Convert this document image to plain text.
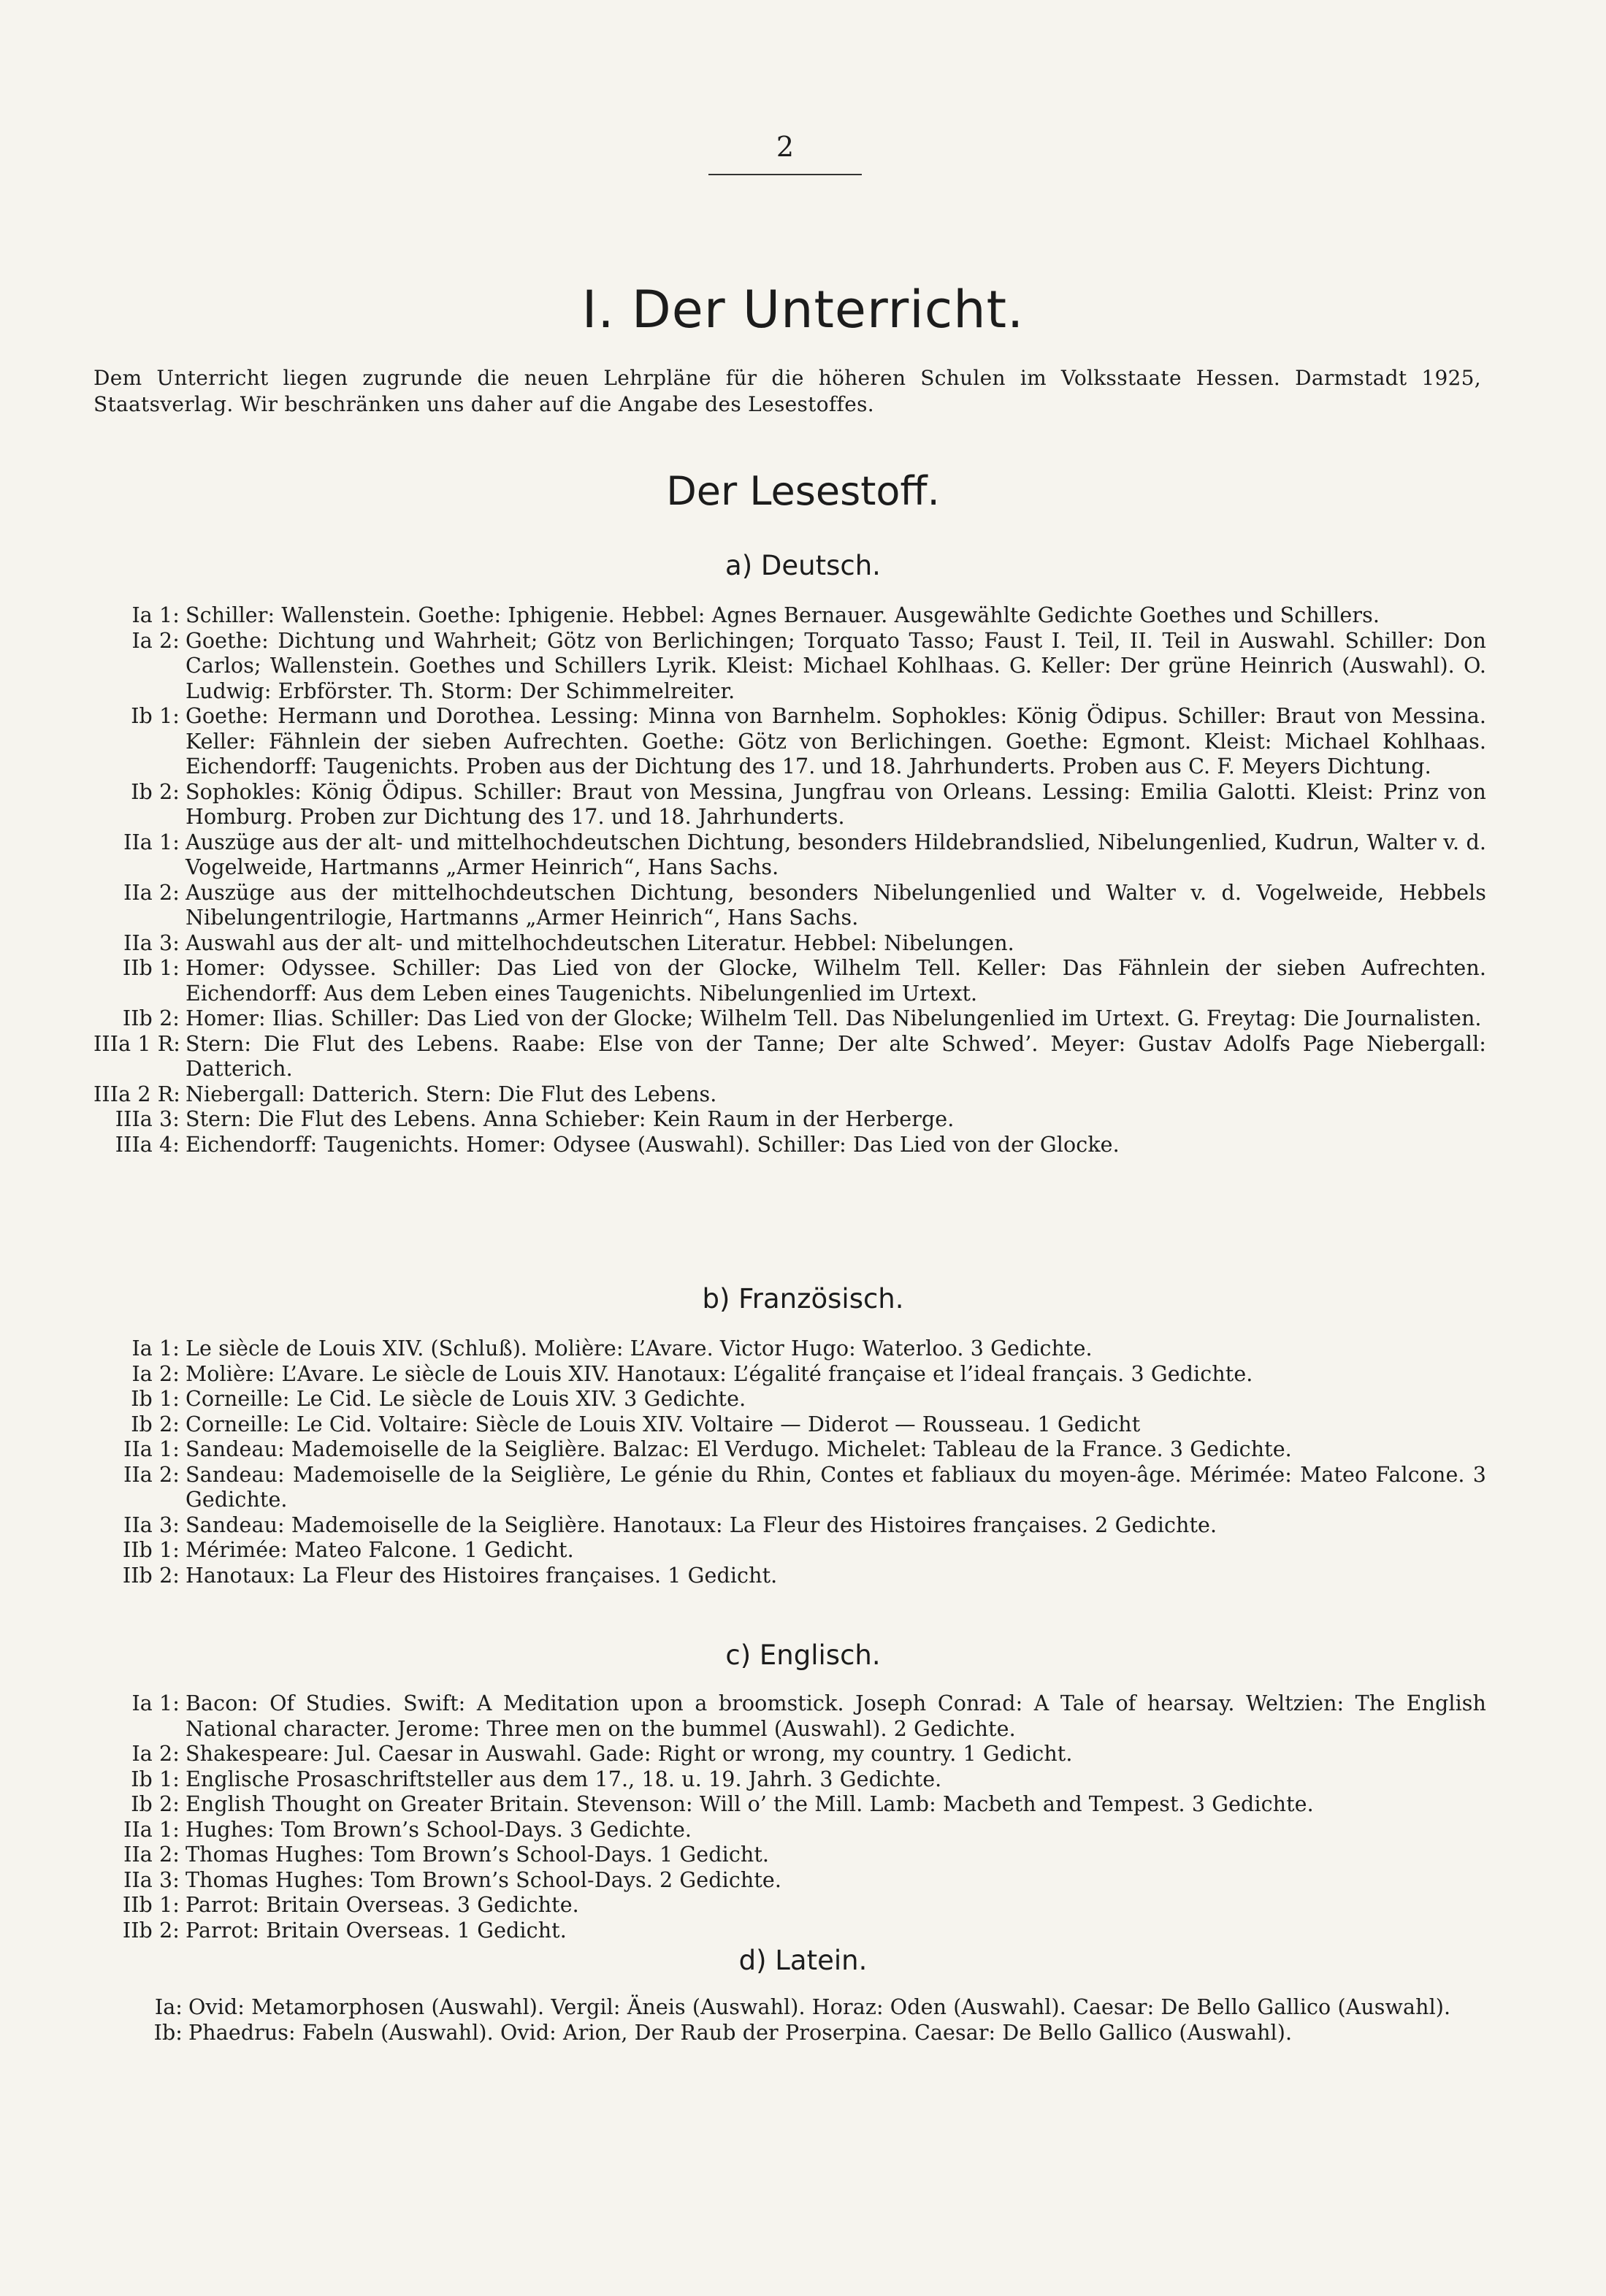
2
I. Der Unterricht.
Dem Unterricht liegen zugrunde die neuen Lehrpläne für die höheren Schulen im Volksstaate Hessen. Darmstadt 1925, Staatsverlag. Wir beschränken uns daher auf die Angabe des Lesestoffes.
Der Lesestoff.
a) Deutsch.
Ia 1: Schiller: Wallenstein. Goethe: Iphigenie. Hebbel: Agnes Bernauer. Ausgewählte Gedichte Goethes und Schillers.
Ia 2: Goethe: Dichtung und Wahrheit; Götz von Berlichingen; Torquato Tasso; Faust I. Teil, II. Teil in Auswahl. Schiller: Don Carlos; Wallenstein. Goethes und Schillers Lyrik. Kleist: Michael Kohlhaas. G. Keller: Der grüne Heinrich (Auswahl). O. Ludwig: Erbförster. Th. Storm: Der Schimmelreiter.
Ib 1: Goethe: Hermann und Dorothea. Lessing: Minna von Barnhelm. Sophokles: König Ödipus. Schiller: Braut von Messina. Keller: Fähnlein der sieben Aufrechten. Goethe: Götz von Berlichingen. Goethe: Egmont. Kleist: Michael Kohlhaas. Eichendorff: Taugenichts. Proben aus der Dichtung des 17. und 18. Jahrhunderts. Proben aus C. F. Meyers Dichtung.
Ib 2: Sophokles: König Ödipus. Schiller: Braut von Messina, Jungfrau von Orleans. Lessing: Emilia Galotti. Kleist: Prinz von Homburg. Proben zur Dichtung des 17. und 18. Jahrhunderts.
IIa 1: Auszüge aus der alt- und mittelhochdeutschen Dichtung, besonders Hildebrandslied, Nibelungenlied, Kudrun, Walter v. d. Vogelweide, Hartmanns „Armer Heinrich“, Hans Sachs.
IIa 2: Auszüge aus der mittelhochdeutschen Dichtung, besonders Nibelungenlied und Walter v. d. Vogelweide, Hebbels Nibelungentrilogie, Hartmanns „Armer Heinrich“, Hans Sachs.
IIa 3: Auswahl aus der alt- und mittelhochdeutschen Literatur. Hebbel: Nibelungen.
IIb 1: Homer: Odyssee. Schiller: Das Lied von der Glocke, Wilhelm Tell. Keller: Das Fähnlein der sieben Aufrechten. Eichendorff: Aus dem Leben eines Taugenichts. Nibelungenlied im Urtext.
IIb 2: Homer: Ilias. Schiller: Das Lied von der Glocke; Wilhelm Tell. Das Nibelungenlied im Urtext. G. Freytag: Die Journalisten.
IIIa 1 R: Stern: Die Flut des Lebens. Raabe: Else von der Tanne; Der alte Schwed’. Meyer: Gustav Adolfs Page Niebergall: Datterich.
IIIa 2 R: Niebergall: Datterich. Stern: Die Flut des Lebens.
IIIa 3: Stern: Die Flut des Lebens. Anna Schieber: Kein Raum in der Herberge.
IIIa 4: Eichendorff: Taugenichts. Homer: Odysee (Auswahl). Schiller: Das Lied von der Glocke.
b) Französisch.
Ia 1: Le siècle de Louis XIV. (Schluß). Molière: L’Avare. Victor Hugo: Waterloo. 3 Gedichte.
Ia 2: Molière: L’Avare. Le siècle de Louis XIV. Hanotaux: L’égalité française et l’ideal français. 3 Gedichte.
Ib 1: Corneille: Le Cid. Le siècle de Louis XIV. 3 Gedichte.
Ib 2: Corneille: Le Cid. Voltaire: Siècle de Louis XIV. Voltaire — Diderot — Rousseau. 1 Gedicht
IIa 1: Sandeau: Mademoiselle de la Seiglière. Balzac: El Verdugo. Michelet: Tableau de la France. 3 Gedichte.
IIa 2: Sandeau: Mademoiselle de la Seiglière, Le génie du Rhin, Contes et fabliaux du moyen-âge. Mérimée: Mateo Falcone. 3 Gedichte.
IIa 3: Sandeau: Mademoiselle de la Seiglière. Hanotaux: La Fleur des Histoires françaises. 2 Gedichte.
IIb 1: Mérimée: Mateo Falcone. 1 Gedicht.
IIb 2: Hanotaux: La Fleur des Histoires françaises. 1 Gedicht.
c) Englisch.
Ia 1: Bacon: Of Studies. Swift: A Meditation upon a broomstick. Joseph Conrad: A Tale of hearsay. Weltzien: The English National character. Jerome: Three men on the bummel (Auswahl). 2 Gedichte.
Ia 2: Shakespeare: Jul. Caesar in Auswahl. Gade: Right or wrong, my country. 1 Gedicht.
Ib 1: Englische Prosaschriftsteller aus dem 17., 18. u. 19. Jahrh. 3 Gedichte.
Ib 2: English Thought on Greater Britain. Stevenson: Will o’ the Mill. Lamb: Macbeth and Tempest. 3 Gedichte.
IIa 1: Hughes: Tom Brown’s School-Days. 3 Gedichte.
IIa 2: Thomas Hughes: Tom Brown’s School-Days. 1 Gedicht.
IIa 3: Thomas Hughes: Tom Brown’s School-Days. 2 Gedichte.
IIb 1: Parrot: Britain Overseas. 3 Gedichte.
IIb 2: Parrot: Britain Overseas. 1 Gedicht.
d) Latein.
Ia: Ovid: Metamorphosen (Auswahl). Vergil: Äneis (Auswahl). Horaz: Oden (Auswahl). Caesar: De Bello Gallico (Auswahl).
Ib: Phaedrus: Fabeln (Auswahl). Ovid: Arion, Der Raub der Proserpina. Caesar: De Bello Gallico (Auswahl).
